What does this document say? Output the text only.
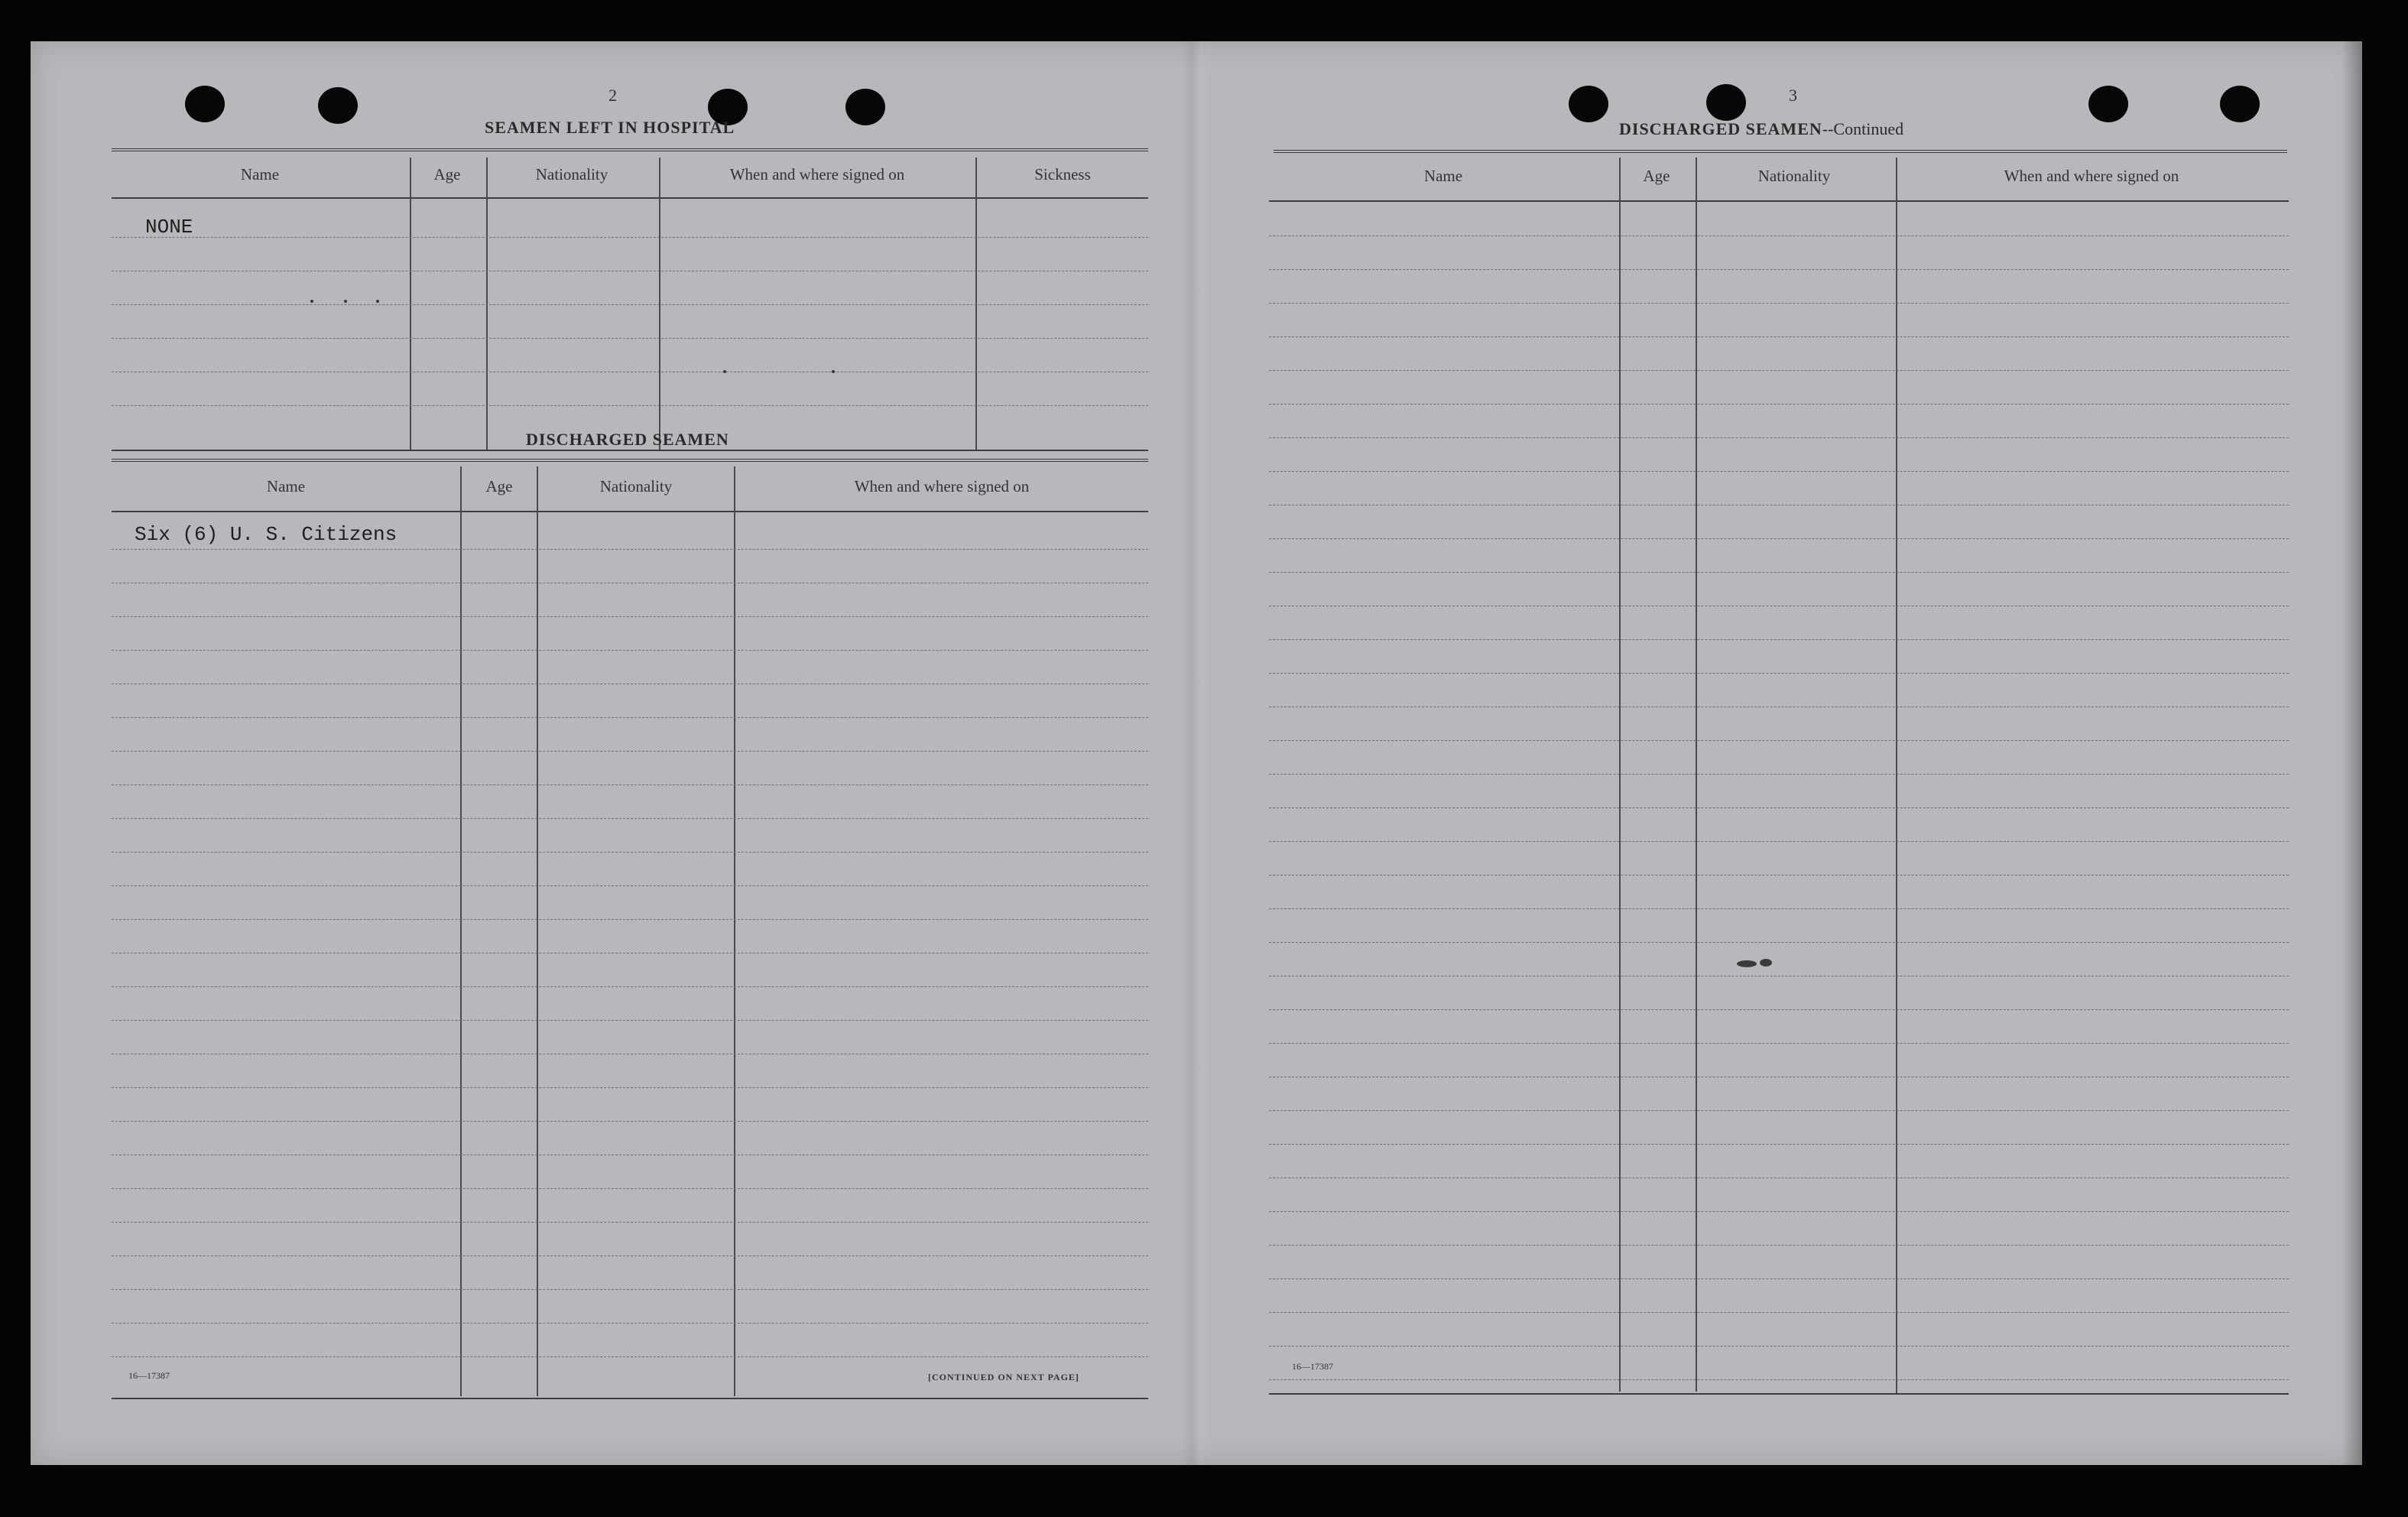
2
SEAMEN LEFT IN HOSPITAL
Name	Age	Nationality	When and where signed on	Sickness
NONE
DISCHARGED SEAMEN
Name	Age	Nationality	When and where signed on
Six (6) U. S. Citizens
16—17387	[CONTINUED ON NEXT PAGE]
3
DISCHARGED SEAMEN--Continued
Name	Age	Nationality	When and where signed on
16—17387
